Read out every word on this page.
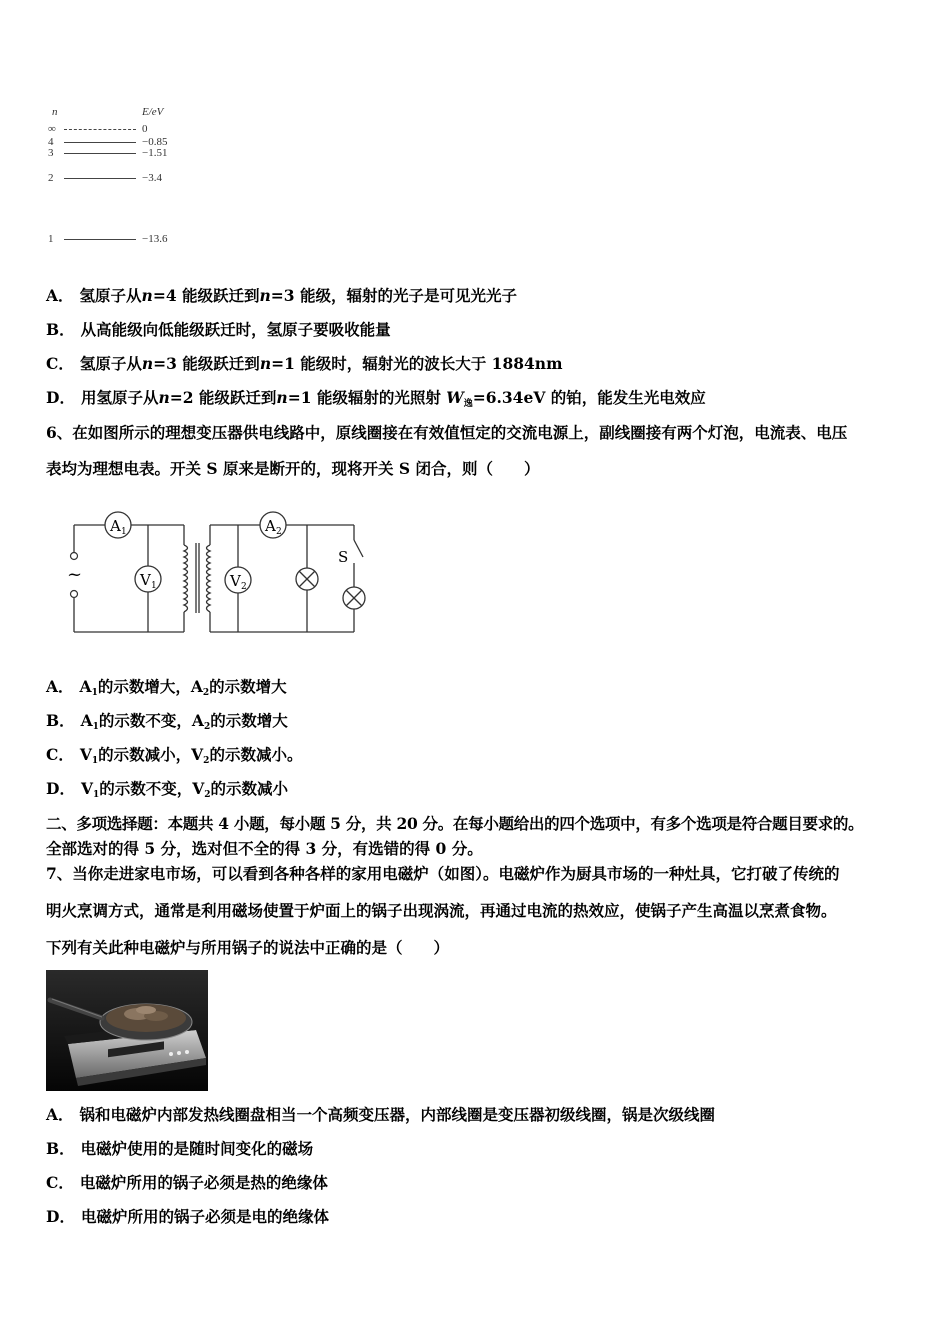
n	E/eV
∞	0
4	−0.85
3	−1.51
2	−3.4
1	−13.6
A． 氢原子从n=4 能级跃迁到n=3 能级，辐射的光子是可见光光子
B． 从高能级向低能级跃迁时，氢原子要吸收能量
C． 氢原子从n=3 能级跃迁到n=1 能级时，辐射光的波长大于 1884nm
D． 用氢原子从n=2 能级跃迁到n=1 能级辐射的光照射 $W_逸=6.34eV$ 的铂，能发生光电效应
6、在如图所示的理想变压器供电线路中，原线圈接在有效值恒定的交流电源上，副线圈接有两个灯泡，电流表、电压
表均为理想电表。开关 S 原来是断开的，现将开关 S 闭合，则（　　）
~
A 1
V 1
A 2
V 2
S
A． $A_1$的示数增大，$A_2$的示数增大
B． $A_1$的示数不变，$A_2$的示数增大
C． $V_1$的示数减小，$V_2$的示数减小。
D． $V_1$的示数不变，$V_2$的示数减小
二、多项选择题：本题共 4 小题，每小题 5 分，共 20 分。在每小题给出的四个选项中，有多个选项是符合题目要求的。
全部选对的得 5 分，选对但不全的得 3 分，有选错的得 0 分。
7、当你走进家电市场，可以看到各种各样的家用电磁炉（如图）。电磁炉作为厨具市场的一种灶具，它打破了传统的
明火烹调方式，通常是利用磁场使置于炉面上的锅子出现涡流，再通过电流的热效应，使锅子产生高温以烹煮食物。
下列有关此种电磁炉与所用锅子的说法中正确的是（　　）
A． 锅和电磁炉内部发热线圈盘相当一个高频变压器，内部线圈是变压器初级线圈，锅是次级线圈
B． 电磁炉使用的是随时间变化的磁场
C． 电磁炉所用的锅子必须是热的绝缘体
D． 电磁炉所用的锅子必须是电的绝缘体
